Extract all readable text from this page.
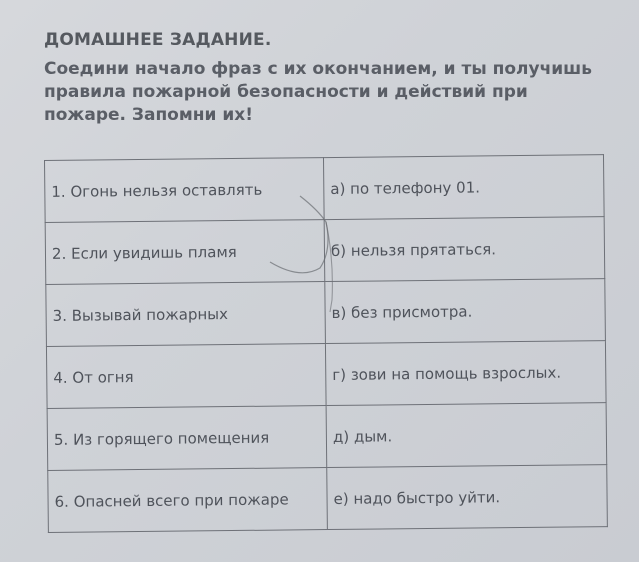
ДОМАШНЕЕ ЗАДАНИЕ.
Соедини начало фраз с их окончанием, и ты получишь
правила пожарной безопасности и действий при
пожаре. Запомни их!
1. Огонь нельзя оставлять	а) по телефону 01.
2. Если увидишь пламя	б) нельзя прятаться.
3. Вызывай пожарных	в) без присмотра.
4. От огня	г) зови на помощь взрослых.
5. Из горящего помещения	д) дым.
6. Опасней всего при пожаре	е) надо быстро уйти.
